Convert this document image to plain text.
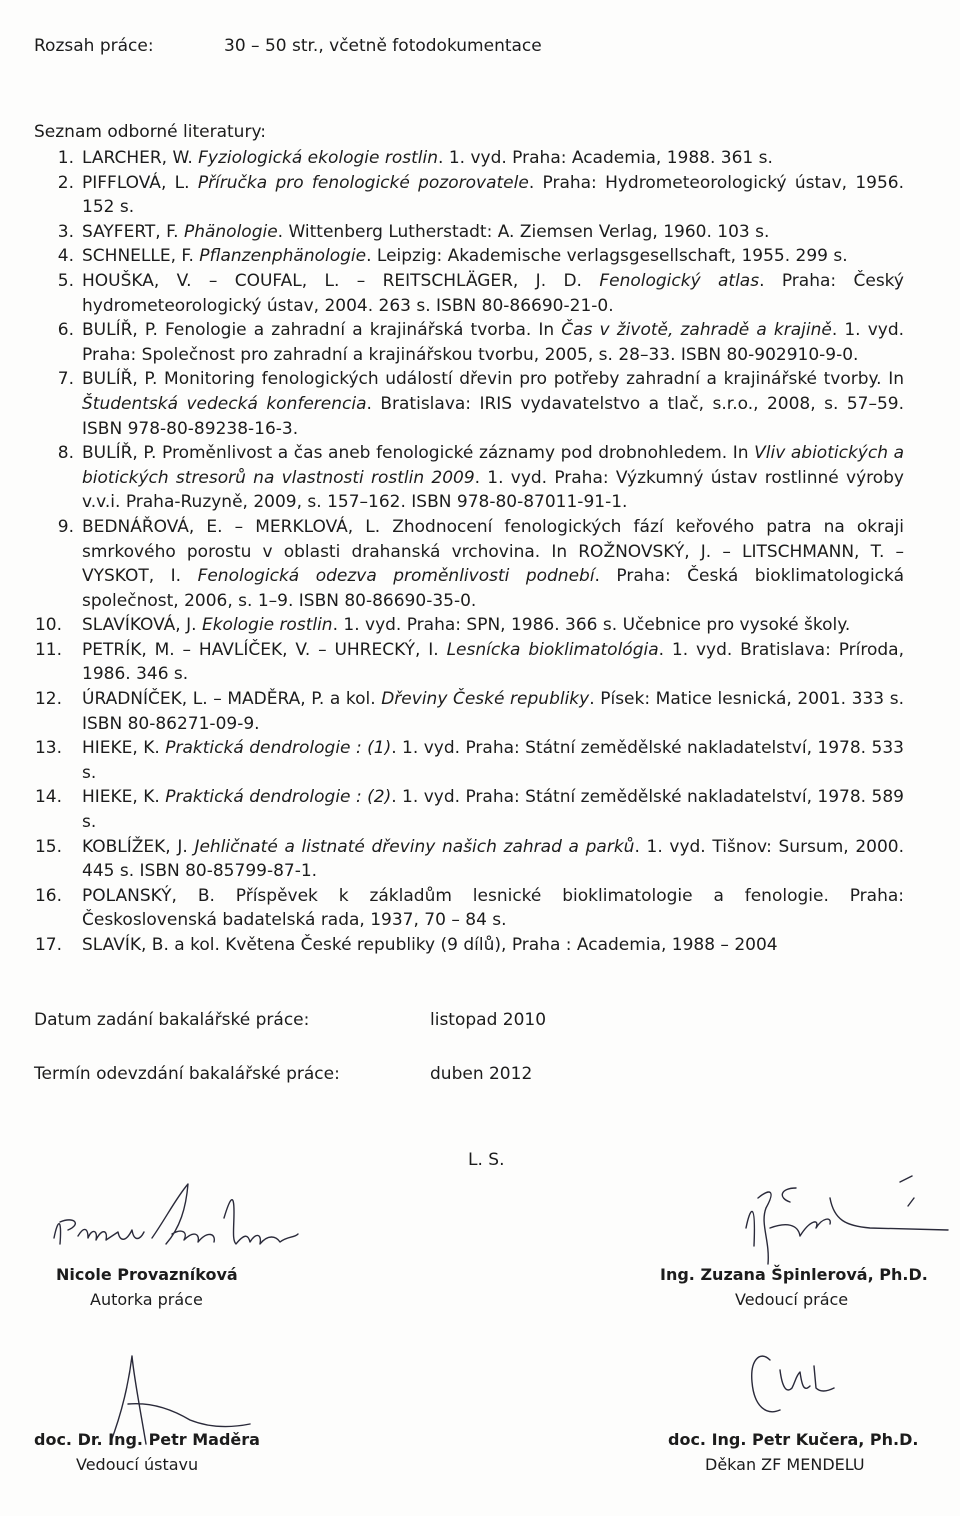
Rozsah práce:	30 – 50 str., včetně fotodokumentace
Seznam odborné literatury:
1. LARCHER, W. Fyziologická ekologie rostlin. 1. vyd. Praha: Academia, 1988. 361 s.
2. PIFFLOVÁ, L. Příručka pro fenologické pozorovatele. Praha: Hydrometeorologický ústav, 1956. 152 s.
3. SAYFERT, F. Phänologie. Wittenberg Lutherstadt: A. Ziemsen Verlag, 1960. 103 s.
4. SCHNELLE, F. Pflanzenphänologie. Leipzig: Akademische verlagsgesellschaft, 1955. 299 s.
5. HOUŠKA, V. – COUFAL, L. – REITSCHLÄGER, J. D. Fenologický atlas. Praha: Český hydrometeorologický ústav, 2004. 263 s. ISBN 80-86690-21-0.
6. BULÍŘ, P. Fenologie a zahradní a krajinářská tvorba. In Čas v životě, zahradě a krajině. 1. vyd. Praha: Společnost pro zahradní a krajinářskou tvorbu, 2005, s. 28–33. ISBN 80-902910-9-0.
7. BULÍŘ, P. Monitoring fenologických událostí dřevin pro potřeby zahradní a krajinářské tvorby. In Študentská vedecká konferencia. Bratislava: IRIS vydavatelstvo a tlač, s.r.o., 2008, s. 57–59. ISBN 978-80-89238-16-3.
8. BULÍŘ, P. Proměnlivost a čas aneb fenologické záznamy pod drobnohledem. In Vliv abiotických a biotických stresorů na vlastnosti rostlin 2009. 1. vyd. Praha: Výzkumný ústav rostlinné výroby v.v.i. Praha-Ruzyně, 2009, s. 157–162. ISBN 978-80-87011-91-1.
9. BEDNÁŘOVÁ, E. – MERKLOVÁ, L. Zhodnocení fenologických fází keřového patra na okraji smrkového porostu v oblasti drahanská vrchovina. In ROŽNOVSKÝ, J. – LITSCHMANN, T. – VYSKOT, I. Fenologická odezva proměnlivosti podnebí. Praha: Česká bioklimatologická společnost, 2006, s. 1–9. ISBN 80-86690-35-0.
10. SLAVÍKOVÁ, J. Ekologie rostlin. 1. vyd. Praha: SPN, 1986. 366 s. Učebnice pro vysoké školy.
11. PETRÍK, M. – HAVLÍČEK, V. – UHRECKÝ, I. Lesnícka bioklimatológia. 1. vyd. Bratislava: Príroda, 1986. 346 s.
12. ÚRADNÍČEK, L. – MADĚRA, P. a kol. Dřeviny České republiky. Písek: Matice lesnická, 2001. 333 s. ISBN 80-86271-09-9.
13. HIEKE, K. Praktická dendrologie : (1). 1. vyd. Praha: Státní zemědělské nakladatelství, 1978. 533 s.
14. HIEKE, K. Praktická dendrologie : (2). 1. vyd. Praha: Státní zemědělské nakladatelství, 1978. 589 s.
15. KOBLÍŽEK, J. Jehličnaté a listnaté dřeviny našich zahrad a parků. 1. vyd. Tišnov: Sursum, 2000. 445 s. ISBN 80-85799-87-1.
16. POLANSKÝ, B. Příspěvek k základům lesnické bioklimatologie a fenologie. Praha: Československá badatelská rada, 1937, 70 – 84 s.
17. SLAVÍK, B. a kol. Květena České republiky (9 dílů), Praha : Academia, 1988 – 2004
Datum zadání bakalářské práce:	listopad 2010
Termín odevzdání bakalářské práce:	duben 2012
L. S.
Nicole Provazníková
Autorka práce
Ing. Zuzana Špinlerová, Ph.D.
Vedoucí práce
doc. Dr. Ing. Petr Maděra
Vedoucí ústavu
doc. Ing. Petr Kučera, Ph.D.
Děkan ZF MENDELU
